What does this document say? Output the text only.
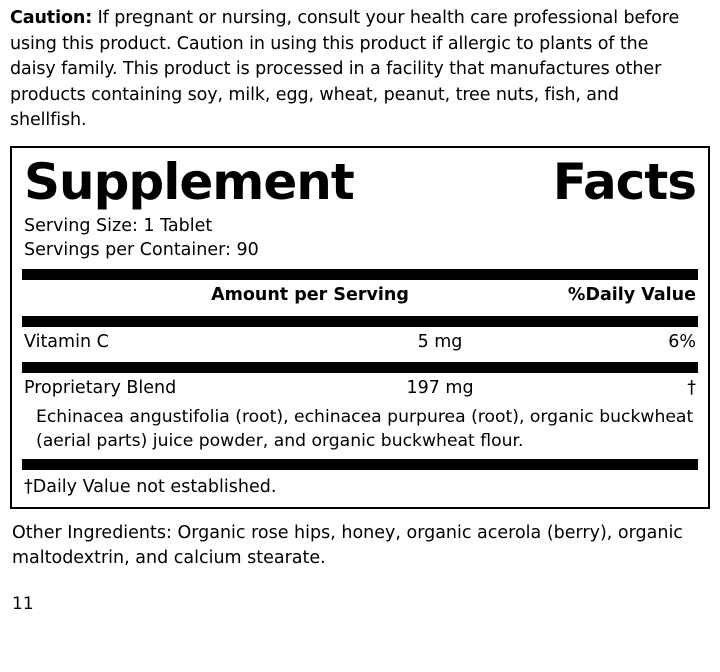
Caution: If pregnant or nursing, consult your health care professional before using this product. Caution in using this product if allergic to plants of the daisy family. This product is processed in a facility that manufactures other products containing soy, milk, egg, wheat, peanut, tree nuts, fish, and shellfish.

Supplement	Facts
Serving Size: 1 Tablet
Servings per Container: 90
Amount per Serving	%Daily Value
Vitamin C	5 mg	6%
Proprietary Blend	197 mg	†
Echinacea angustifolia (root), echinacea purpurea (root), organic buckwheat (aerial parts) juice powder, and organic buckwheat flour.
†Daily Value not established.

Other Ingredients: Organic rose hips, honey, organic acerola (berry), organic maltodextrin, and calcium stearate.

11
